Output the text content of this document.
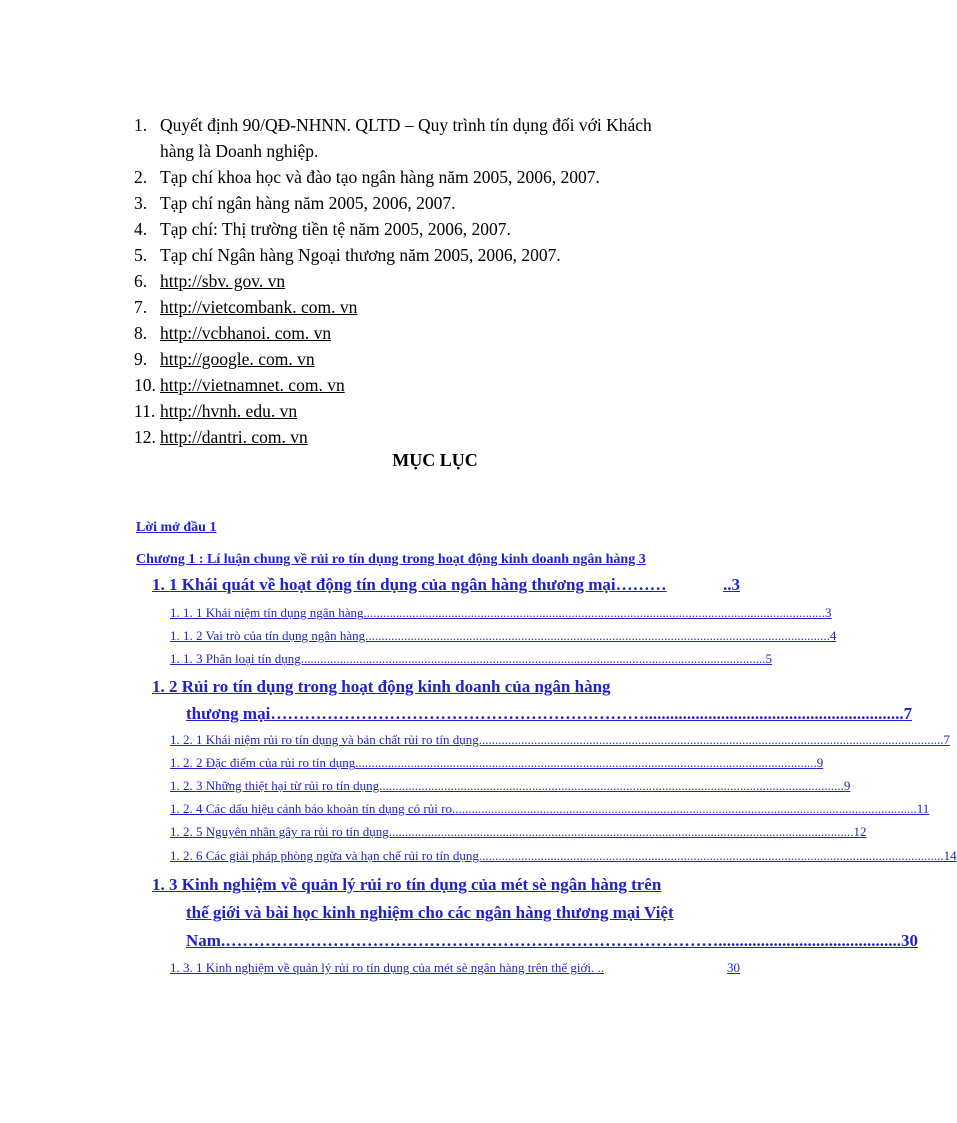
1. Quyết định 90/QĐ-NHNN. QLTD – Quy trình tín dụng đối với Khách
hàng là Doanh nghiệp.
2. Tạp chí khoa học và đào tạo ngân hàng năm 2005, 2006, 2007.
3. Tạp chí ngân hàng năm 2005, 2006, 2007.
4. Tạp chí: Thị trường tiền tệ năm 2005, 2006, 2007.
5. Tạp chí Ngân hàng Ngoại thương năm 2005, 2006, 2007.
6. http://sbv. gov. vn
7. http://vietcombank. com. vn
8. http://vcbhanoi. com. vn
9. http://google. com. vn
10. http://vietnamnet. com. vn
11. http://hvnh. edu. vn
12. http://dantri. com. vn
MỤC LỤC
Lời mở đầu 1
Chương 1 : Lí luận chung về rủi ro tín dụng trong hoạt động kinh doanh ngân hàng 3
1. 1 Khái quát về hoạt động tín dụng của ngân hàng thương mại ………	..3
1. 1. 1 Khái niệm tín dụng ngân hàng .............................................................................................................................................. 3
1. 1. 2 Vai trò của tín dụng ngân hàng. .............................................................................................................................................. 4
1. 1. 3 Phân loại tín dụng. .............................................................................................................................................. 5
1. 2 Rủi ro tín dụng trong hoạt động kinh doanh của ngân hàng
thương mại …………………………………………………………............................................................. 7
1. 2. 1 Khái niệm rủi ro tín dụng và bản chất rủi ro tín dụng. .............................................................................................................................................. 7
1. 2. 2 Đặc điểm của rủi ro tín dụng .............................................................................................................................................. 9
1. 2. 3 Những thiệt hại từ rủi ro tín dụng. .............................................................................................................................................. 9
1. 2. 4 Các dấu hiệu cảnh báo khoản tín dụng có rủi ro. .............................................................................................................................................. 11
1. 2. 5 Nguyên nhân gây ra rủi ro tín dụng. .............................................................................................................................................. 12
1. 2. 6 Các giải pháp phòng ngừa và hạn chế rủi ro tín dụng. .............................................................................................................................................. 14
1. 3 Kinh nghiệm về quản lý rủi ro tín dụng của mét sè ngân hàng trên
thế giới và bài học kinh nghiệm cho các ngân hàng thương mại Việt
Nam. ……………………………………………………………………………........................................... 30
1. 3. 1 Kinh nghiệm về quản lý rủi ro tín dụng của mét sè ngân hàng trên thế giới. ..	30
